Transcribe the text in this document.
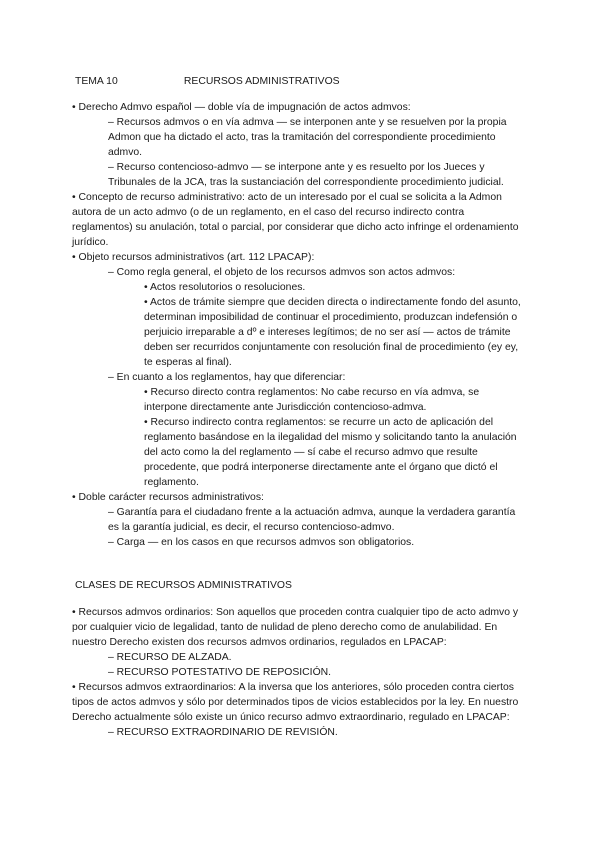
TEMA 10	RECURSOS ADMINISTRATIVOS

• Derecho Admvo español — doble vía de impugnación de actos admvos:

– Recursos admvos o en vía admva — se interponen ante y se resuelven por la propia Admon que ha dictado el acto, tras la tramitación del correspondiente procedimiento admvo.

– Recurso contencioso-admvo — se interpone ante y es resuelto por los Jueces y Tribunales de la JCA, tras la sustanciación del correspondiente procedimiento judicial.

• Concepto de recurso administrativo: acto de un interesado por el cual se solicita a la Admon autora de un acto admvo (o de un reglamento, en el caso del recurso indirecto contra reglamentos) su anulación, total o parcial, por considerar que dicho acto infringe el ordenamiento jurídico.

• Objeto recursos administrativos (art. 112 LPACAP):

– Como regla general, el objeto de los recursos admvos son actos admvos:

• Actos resolutorios o resoluciones.

• Actos de trámite siempre que deciden directa o indirectamente fondo del asunto, determinan imposibilidad de continuar el procedimiento, produzcan indefensión o perjuicio irreparable a dº e intereses legítimos; de no ser así — actos de trámite deben ser recurridos conjuntamente con resolución final de procedimiento (ey ey, te esperas al final).

– En cuanto a los reglamentos, hay que diferenciar:

• Recurso directo contra reglamentos: No cabe recurso en vía admva, se interpone directamente ante Jurisdicción contencioso-admva.

• Recurso indirecto contra reglamentos: se recurre un acto de aplicación del reglamento basándose en la ilegalidad del mismo y solicitando tanto la anulación del acto como la del reglamento — sí cabe el recurso admvo que resulte procedente, que podrá interponerse directamente ante el órgano que dictó el reglamento.

• Doble carácter recursos administrativos:

– Garantía para el ciudadano frente a la actuación admva, aunque la verdadera garantía es la garantía judicial, es decir, el recurso contencioso-admvo.

– Carga — en los casos en que recursos admvos son obligatorios.

CLASES DE RECURSOS ADMINISTRATIVOS

• Recursos admvos ordinarios: Son aquellos que proceden contra cualquier tipo de acto admvo y por cualquier vicio de legalidad, tanto de nulidad de pleno derecho como de anulabilidad. En nuestro Derecho existen dos recursos admvos ordinarios, regulados en LPACAP:

– RECURSO DE ALZADA.

– RECURSO POTESTATIVO DE REPOSICIÓN.

• Recursos admvos extraordinarios: A la inversa que los anteriores, sólo proceden contra ciertos tipos de actos admvos y sólo por determinados tipos de vicios establecidos por la ley. En nuestro Derecho actualmente sólo existe un único recurso admvo extraordinario, regulado en LPACAP:

– RECURSO EXTRAORDINARIO DE REVISIÓN.
